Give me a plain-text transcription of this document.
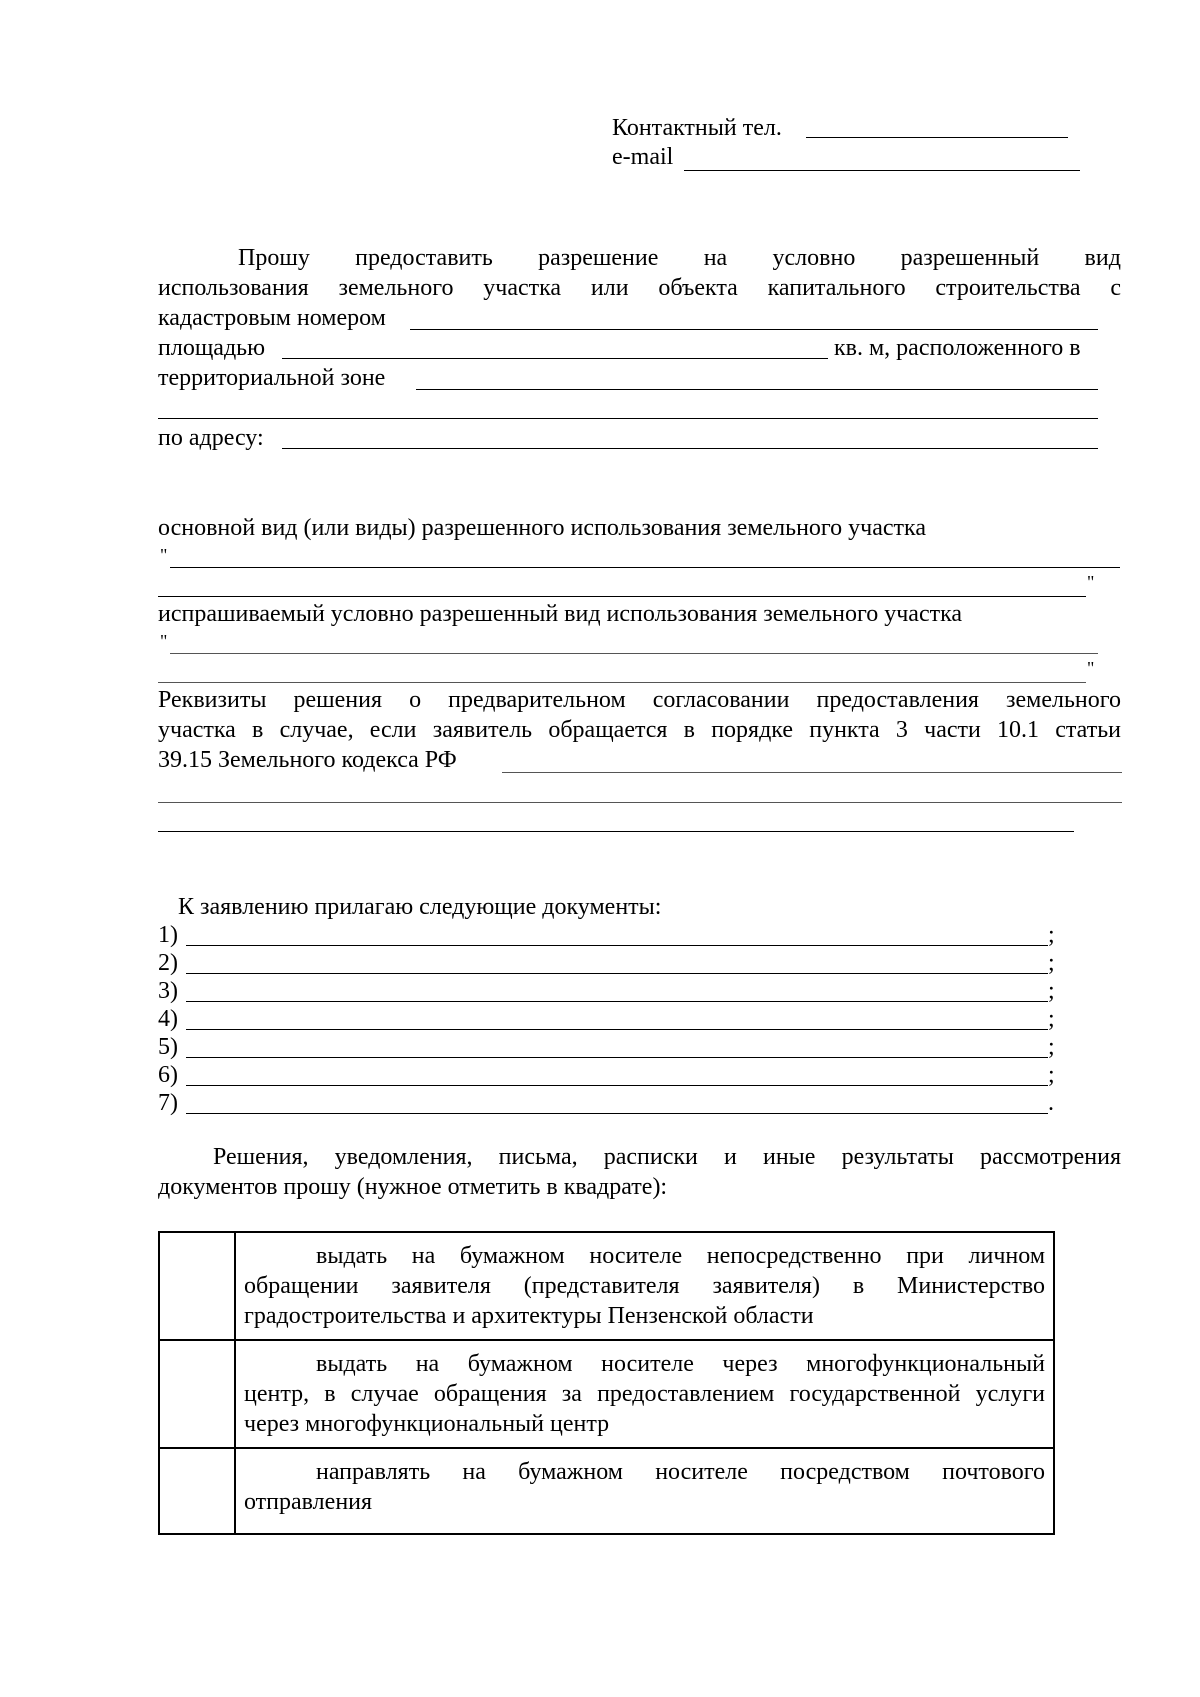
Контактный тел.
e-mail
Прошу предоставить разрешение на условно разрешенный вид
использования земельного участка или объекта капитального строительства с
кадастровым номером
площадью	кв. м, расположенного в
территориальной зоне
по адресу:
основной вид (или виды) разрешенного использования земельного участка
"
"
испрашиваемый условно разрешенный вид использования земельного участка
"
"
Реквизиты решения о предварительном согласовании предоставления земельного
участка в случае, если заявитель обращается в порядке пункта 3 части 10.1 статьи
39.15 Земельного кодекса РФ
К заявлению прилагаю следующие документы:
1)	;
2)	;
3)	;
4)	;
5)	;
6)	;
7)	.
Решения, уведомления, письма, расписки и иные результаты рассмотрения
документов прошу (нужное отметить в квадрате):

	выдать на бумажном носителе непосредственно при личном
обращении заявителя (представителя заявителя) в Министерство
градостроительства и архитектуры Пензенской области

	выдать на бумажном носителе через многофункциональный
центр, в случае обращения за предоставлением государственной услуги
через многофункциональный центр

	направлять на бумажном носителе посредством почтового
отправления
